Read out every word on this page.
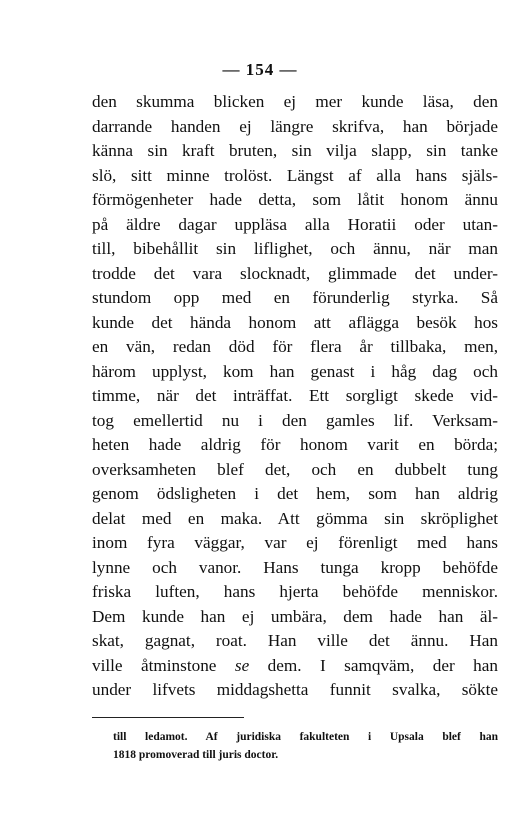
— 154 —
den skumma blicken ej mer kunde läsa, den
darrande handen ej längre skrifva, han började
känna sin kraft bruten, sin vilja slapp, sin tanke
slö, sitt minne trolöst. Längst af alla hans själs-
förmögenheter hade detta, som låtit honom ännu
på äldre dagar uppläsa alla Horatii oder utan-
till, bibehållit sin liflighet, och ännu, när man
trodde det vara slocknadt, glimmade det under-
stundom opp med en förunderlig styrka. Så
kunde det hända honom att aflägga besök hos
en vän, redan död för flera år tillbaka, men,
härom upplyst, kom han genast i håg dag och
timme, när det inträffat. Ett sorgligt skede vid-
tog emellertid nu i den gamles lif. Verksam-
heten hade aldrig för honom varit en börda;
overksamheten blef det, och en dubbelt tung
genom ödsligheten i det hem, som han aldrig
delat med en maka. Att gömma sin skröplighet
inom fyra väggar, var ej förenligt med hans
lynne och vanor. Hans tunga kropp behöfde
friska luften, hans hjerta behöfde menniskor.
Dem kunde han ej umbära, dem hade han äl-
skat, gagnat, roat. Han ville det ännu. Han
ville åtminstone se dem. I samqväm, der han
under lifvets middagshetta funnit svalka, sökte
till ledamot. Af juridiska fakulteten i Upsala blef han
1818 promoverad till juris doctor.
